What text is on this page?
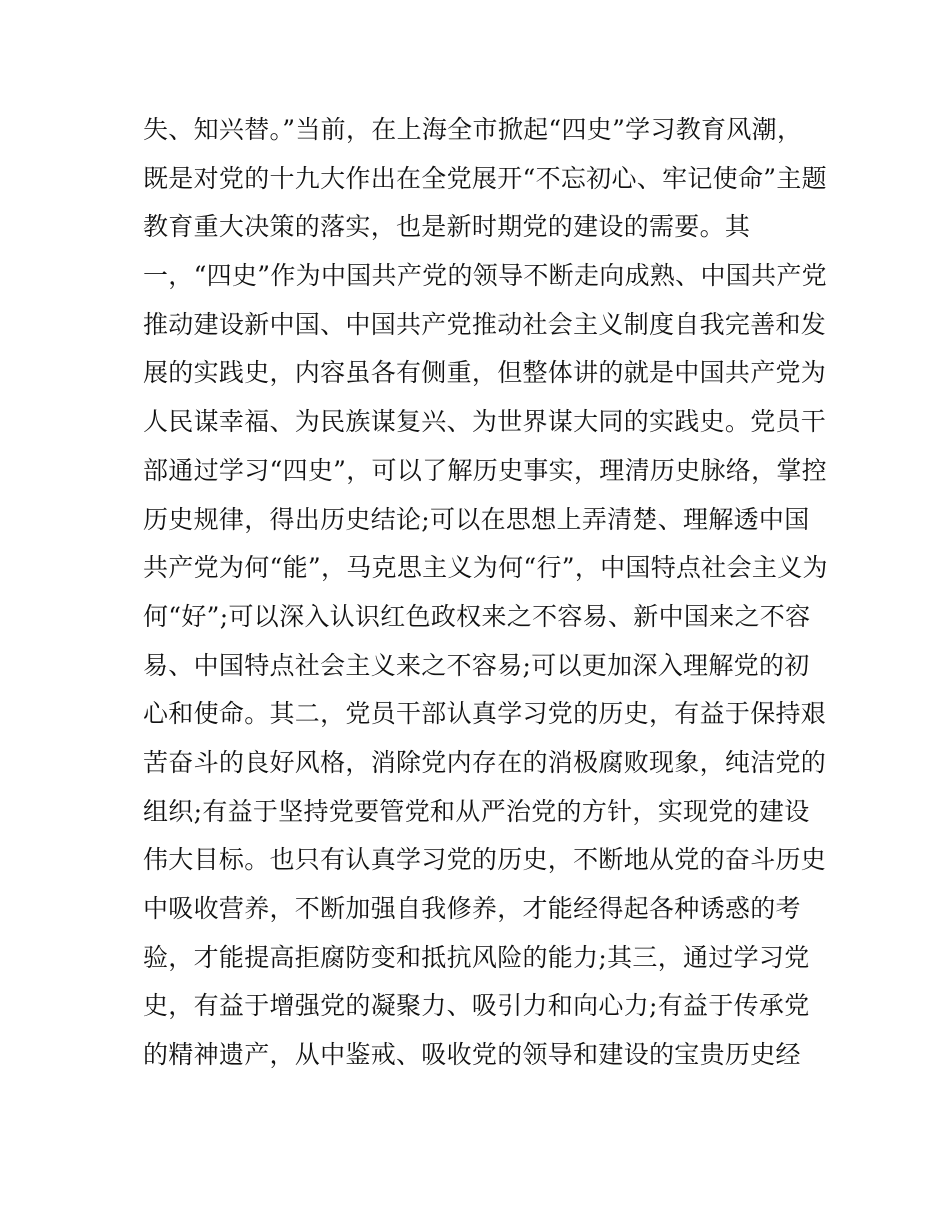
失、知兴替。”当前，在上海全市掀起“四史”学习教育风潮，
既是对党的十九大作出在全党展开“不忘初心、牢记使命”主题
教育重大决策的落实，也是新时期党的建设的需要。其
一，“四史”作为中国共产党的领导不断走向成熟、中国共产党
推动建设新中国、中国共产党推动社会主义制度自我完善和发
展的实践史，内容虽各有侧重，但整体讲的就是中国共产党为
人民谋幸福、为民族谋复兴、为世界谋大同的实践史。党员干
部通过学习“四史”，可以了解历史事实，理清历史脉络，掌控
历史规律，得出历史结论;可以在思想上弄清楚、理解透中国
共产党为何“能”，马克思主义为何“行”，中国特点社会主义为
何“好”;可以深入认识红色政权来之不容易、新中国来之不容
易、中国特点社会主义来之不容易;可以更加深入理解党的初
心和使命。其二，党员干部认真学习党的历史，有益于保持艰
苦奋斗的良好风格，消除党内存在的消极腐败现象，纯洁党的
组织;有益于坚持党要管党和从严治党的方针，实现党的建设
伟大目标。也只有认真学习党的历史，不断地从党的奋斗历史
中吸收营养，不断加强自我修养，才能经得起各种诱惑的考
验，才能提高拒腐防变和抵抗风险的能力;其三，通过学习党
史，有益于增强党的凝聚力、吸引力和向心力;有益于传承党
的精神遗产，从中鉴戒、吸收党的领导和建设的宝贵历史经
